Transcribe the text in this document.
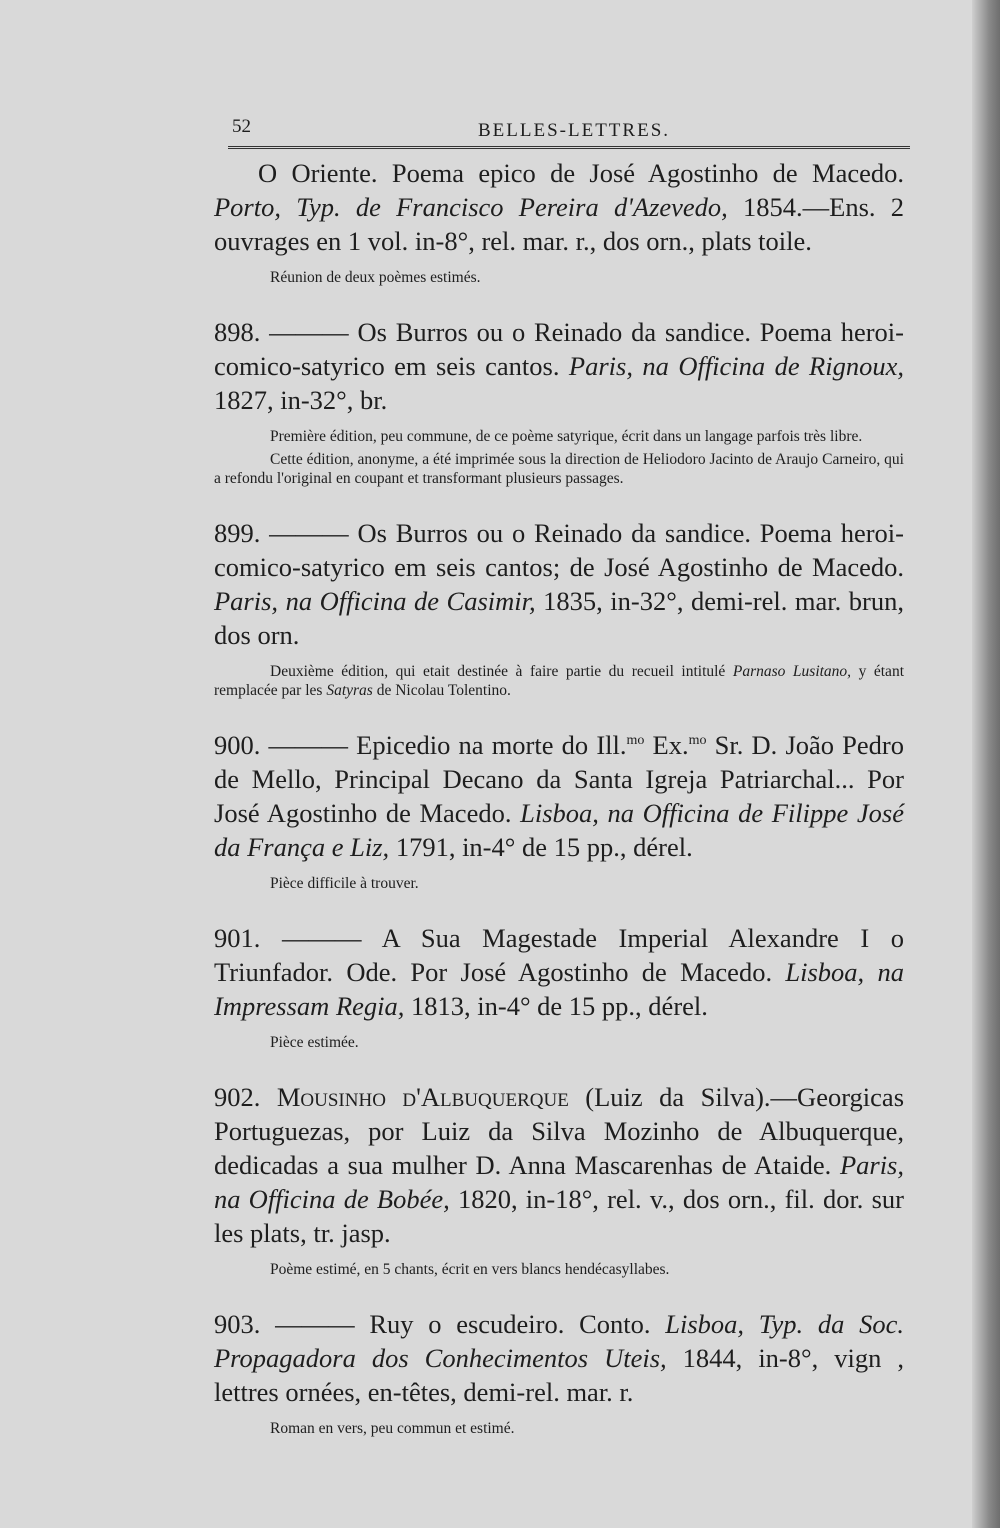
52	BELLES-LETTRES.

O Oriente. Poema epico de José Agostinho de Macedo. Porto, Typ. de Francisco Pereira d'Azevedo, 1854.—Ens. 2 ouvrages en 1 vol. in-8°, rel. mar. r., dos orn., plats toile.

Réunion de deux poèmes estimés.

898. ——— Os Burros ou o Reinado da sandice. Poema heroi-comico-satyrico em seis cantos. Paris, na Officina de Rignoux, 1827, in-32°, br.

Première édition, peu commune, de ce poème satyrique, écrit dans un langage parfois très libre.

Cette édition, anonyme, a été imprimée sous la direction de Heliodoro Jacinto de Araujo Carneiro, qui a refondu l'original en coupant et transformant plusieurs passages.

899. ——— Os Burros ou o Reinado da sandice. Poema heroi-comico-satyrico em seis cantos; de José Agostinho de Macedo. Paris, na Officina de Casimir, 1835, in-32°, demi-rel. mar. brun, dos orn.

Deuxième édition, qui etait destinée à faire partie du recueil intitulé Parnaso Lusitano, y étant remplacée par les Satyras de Nicolau Tolentino.

900. ——— Epicedio na morte do Ill.$^{mo}$ Ex.$^{mo}$ Sr. D. João Pedro de Mello, Principal Decano da Santa Igreja Patriarchal... Por José Agostinho de Macedo. Lisboa, na Officina de Filippe José da França e Liz, 1791, in-4° de 15 pp., dérel.

Pièce difficile à trouver.

901. ——— A Sua Magestade Imperial Alexandre I o Triunfador. Ode. Por José Agostinho de Macedo. Lisboa, na Impressam Regia, 1813, in-4° de 15 pp., dérel.

Pièce estimée.

902. Mousinho d'Albuquerque (Luiz da Silva).—Georgicas Portuguezas, por Luiz da Silva Mozinho de Albuquerque, dedicadas a sua mulher D. Anna Mascarenhas de Ataide. Paris, na Officina de Bobée, 1820, in-18°, rel. v., dos orn., fil. dor. sur les plats, tr. jasp.

Poème estimé, en 5 chants, écrit en vers blancs hendécasyllabes.

903. ——— Ruy o escudeiro. Conto. Lisboa, Typ. da Soc. Propagadora dos Conhecimentos Uteis, 1844, in-8°, vign , lettres ornées, en-têtes, demi-rel. mar. r.

Roman en vers, peu commun et estimé.
